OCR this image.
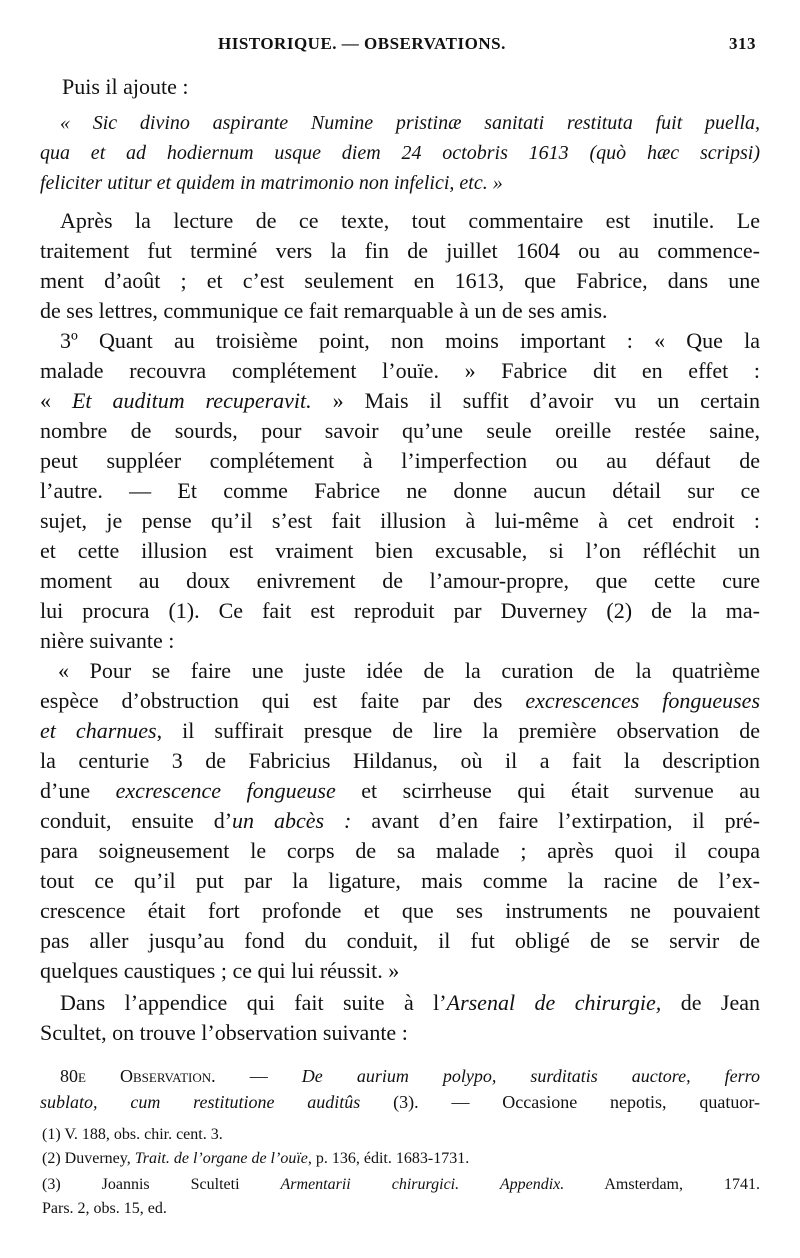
HISTORIQUE. — OBSERVATIONS.	313
Puis il ajoute :
« Sic divino aspirante Numine pristinæ sanitati restituta fuit puella,
qua et ad hodiernum usque diem 24 octobris 1613 (quò hæc scripsi)
feliciter utitur et quidem in matrimonio non infelici, etc. »
Après la lecture de ce texte, tout commentaire est inutile. Le
traitement fut terminé vers la fin de juillet 1604 ou au commence-
ment d’août ; et c’est seulement en 1613, que Fabrice, dans une
de ses lettres, communique ce fait remarquable à un de ses amis.
3º Quant au troisième point, non moins important : « Que la
malade recouvra complétement l’ouïe. » Fabrice dit en effet :
« Et auditum recuperavit. » Mais il suffit d’avoir vu un certain
nombre de sourds, pour savoir qu’une seule oreille restée saine,
peut suppléer complétement à l’imperfection ou au défaut de
l’autre. — Et comme Fabrice ne donne aucun détail sur ce
sujet, je pense qu’il s’est fait illusion à lui-même à cet endroit :
et cette illusion est vraiment bien excusable, si l’on réfléchit un
moment au doux enivrement de l’amour-propre, que cette cure
lui procura (1). Ce fait est reproduit par Duverney (2) de la ma-
nière suivante :
« Pour se faire une juste idée de la curation de la quatrième
espèce d’obstruction qui est faite par des excrescences fongueuses
et charnues, il suffirait presque de lire la première observation de
la centurie 3 de Fabricius Hildanus, où il a fait la description
d’une excrescence fongueuse et scirrheuse qui était survenue au
conduit, ensuite d’un abcès : avant d’en faire l’extirpation, il pré-
para soigneusement le corps de sa malade ; après quoi il coupa
tout ce qu’il put par la ligature, mais comme la racine de l’ex-
crescence était fort profonde et que ses instruments ne pouvaient
pas aller jusqu’au fond du conduit, il fut obligé de se servir de
quelques caustiques ; ce qui lui réussit. »
Dans l’appendice qui fait suite à l’Arsenal de chirurgie, de Jean
Scultet, on trouve l’observation suivante :
80e Observation. — De aurium polypo, surditatis auctore, ferro
sublato, cum restitutione auditûs (3). — Occasione nepotis, quatuor-
(1) V. 188, obs. chir. cent. 3.
(2) Duverney, Trait. de l’organe de l’ouïe, p. 136, édit. 1683-1731.
(3) Joannis Sculteti Armentarii chirurgici. Appendix. Amsterdam, 1741.
Pars. 2, obs. 15, ed.
